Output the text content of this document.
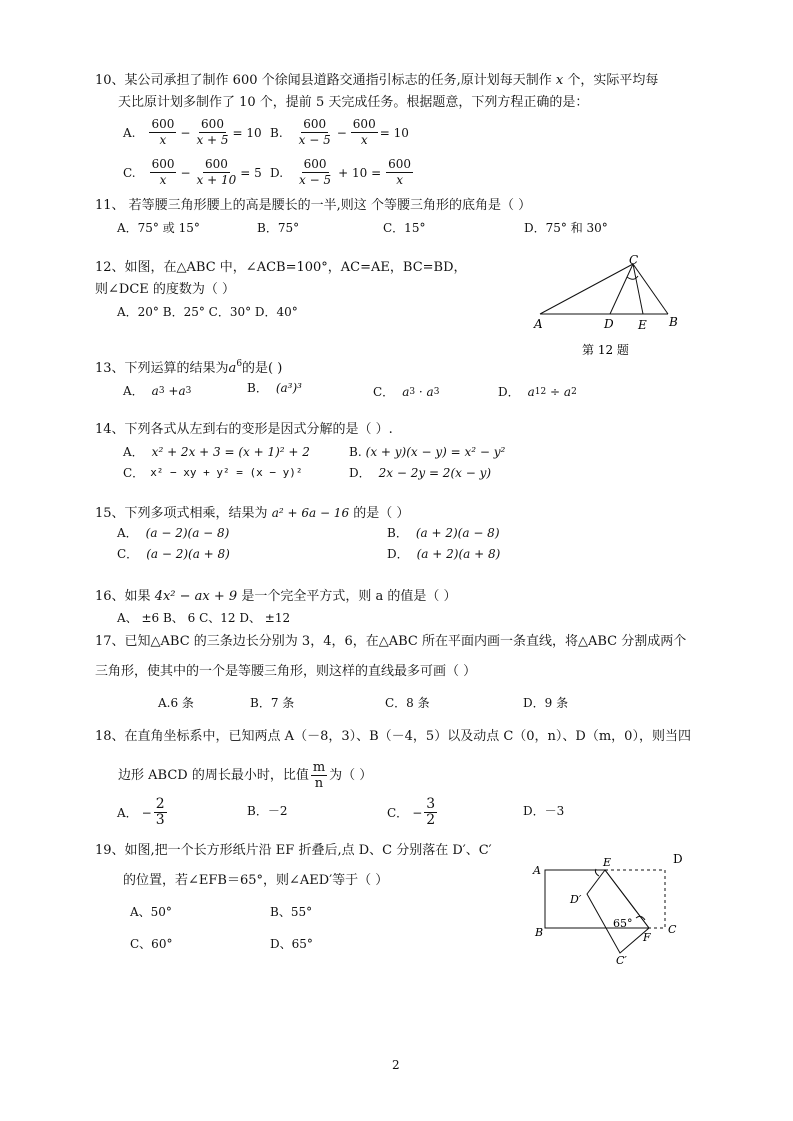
10、某公司承担了制作 600 个徐闻县道路交通指引标志的任务,原计划每天制作 x 个，实际平均每
天比原计划多制作了 10 个，提前 5 天完成任务。根据题意，下列方程正确的是：
A. $\frac{600}{x} - \frac{600}{x + 5} = 10$ B. $\frac{600}{x - 5} - \frac{600}{x} = 10$
C. $\frac{600}{x} - \frac{600}{x + 10} = 5$ D. $\frac{600}{x - 5} + 10 = \frac{600}{x}$
11、 若等腰三角形腰上的高是腰长的一半,则这 个等腰三角形的底角是（ ）
A．75° 或 15°	B．75°	C．15°	D．75° 和 30°
12、如图，在△ABC 中，∠ACB=100°，AC=AE，BC=BD，
则∠DCE 的度数为（ ）
A．20° B．25° C．30° D．40°
C
A	D E B
第 12 题
13、下列运算的结果为$a^6$的是( )
A． a 3 + a 3	B． (a³)³	C． a 3 · a 3	D． a 12 ÷ a 2
14、下列各式从左到右的变形是因式分解的是（ ）.
A． x² + 2x + 3 = (x + 1)² + 2	B. (x + y)(x − y) = x² − y²
C． x² − xy + y² = (x − y)²	D． 2x − 2y = 2(x − y)
15、下列多项式相乘，结果为 a² + 6a − 16 的是（ ）
A． (a − 2)(a − 8)	B． (a + 2)(a − 8)
C． (a − 2)(a + 8)	D． (a + 2)(a + 8)
16、如果 4x² − ax + 9 是一个完全平方式，则 a 的值是（ ）
A、 ±6 B、 6 C、12 D、 ±12
17、已知△ABC 的三条边长分别为 3，4，6，在△ABC 所在平面内画一条直线，将△ABC 分割成两个
三角形，使其中的一个是等腰三角形，则这样的直线最多可画（ ）
A.6 条	B．7 条	C．8 条	D．9 条
18、在直角坐标系中，已知两点 A（－8，3）、B（－4，5）以及动点 C（0，n）、D（m，0），则当四
边形 ABCD 的周长最小时，比值 $\frac{m}{n}$ 为（ ）
A． − $\frac{2}{3}$	B．－2	C． − $\frac{3}{2}$	D．－3
19、如图,把一个长方形纸片沿 EF 折叠后,点 D、C 分别落在 D′、C′
的位置，若∠EFB＝65°，则∠AED′等于（ ）
A、50°	B、55°
C、60°	D、65°
A
E	D
D′
65°
B	F
C
C′
2
